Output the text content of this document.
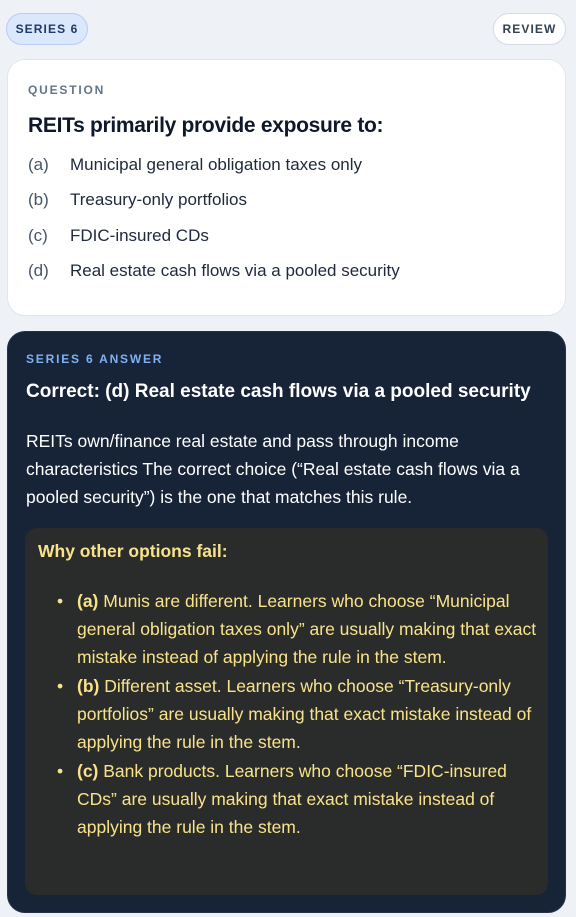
SERIES 6	REVIEW
QUESTION
REITs primarily provide exposure to:
(a)	Municipal general obligation taxes only
(b)	Treasury-only portfolios
(c)	FDIC-insured CDs
(d)	Real estate cash flows via a pooled security
SERIES 6 ANSWER
Correct: (d) Real estate cash flows via a pooled security
REITs own/finance real estate and pass through income characteristics The correct choice (“Real estate cash flows via a pooled security”) is the one that matches this rule.
Why other options fail:
• (a) Munis are different. Learners who choose “Municipal general obligation taxes only” are usually making that exact mistake instead of applying the rule in the stem.
• (b) Different asset. Learners who choose “Treasury-only portfolios” are usually making that exact mistake instead of applying the rule in the stem.
• (c) Bank products. Learners who choose “FDIC-insured CDs” are usually making that exact mistake instead of applying the rule in the stem.
